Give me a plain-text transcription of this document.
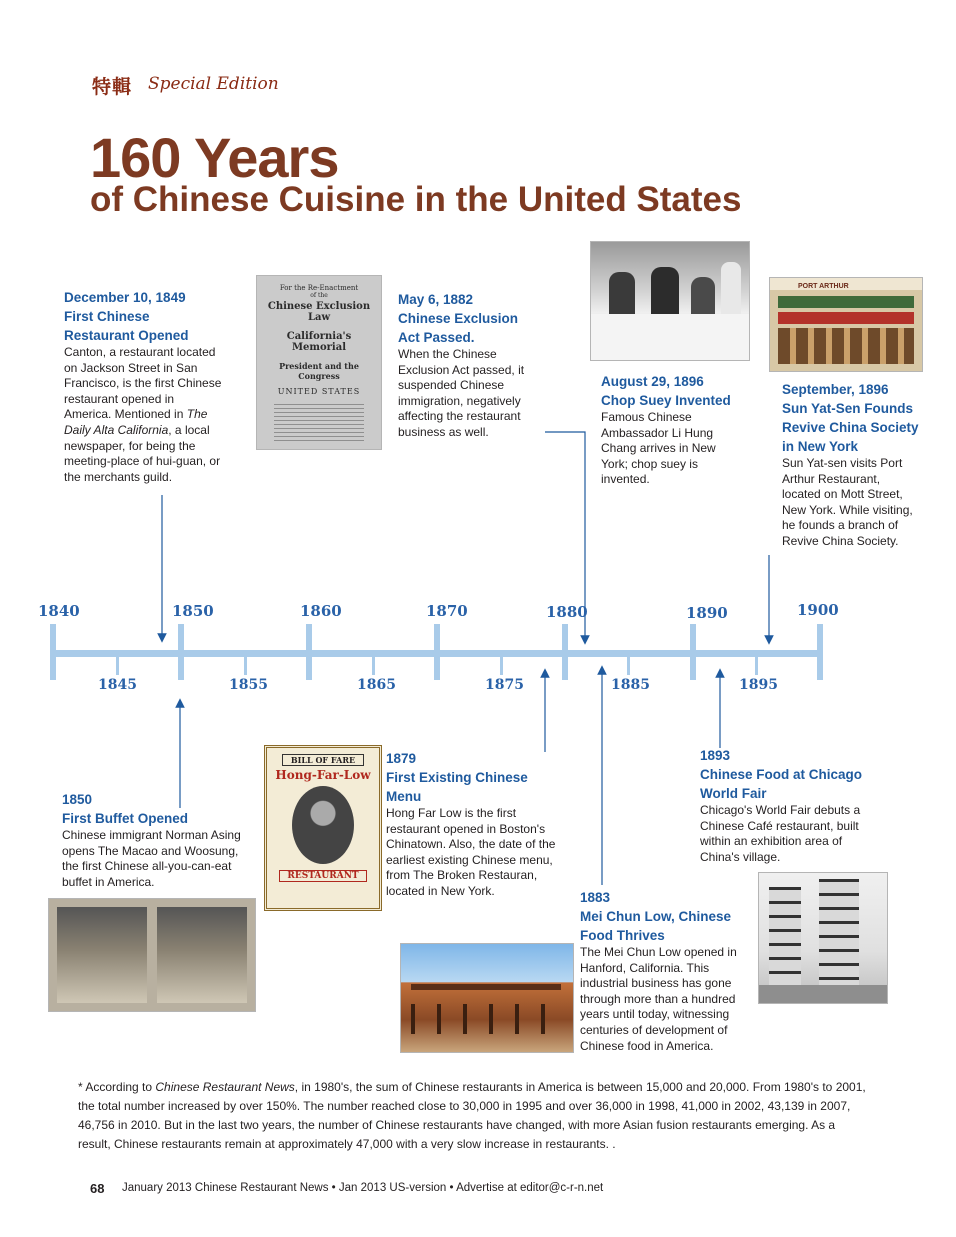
特輯 Special Edition
160 Years
of Chinese Cuisine in the United States
1840	1850	1860	1870	1880	1890	1900
1845	1855	1865	1875	1885	1895
December 10, 1849
First Chinese Restaurant Opened
Canton, a restaurant located on Jackson Street in San Francisco, is the first Chinese restaurant opened in America. Mentioned in The Daily Alta California, a local newspaper, for being the meeting-place of hui-guan, or the merchants guild.
For the Re-Enactment
of the
Chinese Exclusion Law
California's
Memorial
President and the Congress
UNITED STATES
May 6, 1882
Chinese Exclusion Act Passed.
When the Chinese Exclusion Act passed, it suspended Chinese immigration, negatively affecting the restaurant business as well.
August 29, 1896
Chop Suey Invented
Famous Chinese Ambassador Li Hung Chang arrives in New York; chop suey is invented.
PORT ARTHUR
September, 1896
Sun Yat-Sen Founds Revive China Society in New York
Sun Yat-sen visits Port Arthur Restaurant, located on Mott Street, New York. While visiting, he founds a branch of Revive China Society.
1850
First Buffet Opened
Chinese immigrant Norman Asing opens The Macao and Woosung, the first Chinese all-you-can-eat buffet in America.
BILL OF FARE
Hong-Far-Low
RESTAURANT
1879
First Existing Chinese Menu
Hong Far Low is the first restaurant opened in Boston's Chinatown. Also, the date of the earliest existing Chinese menu, from The Broken Restauran, located in New York.
1893
Chinese Food at Chicago World Fair
Chicago's World Fair debuts a Chinese Café restaurant, built within an exhibition area of China's village.
1883
Mei Chun Low, Chinese Food Thrives
The Mei Chun Low opened in Hanford, California. This industrial business has gone through more than a hundred years until today, witnessing centuries of development of Chinese food in America.
* According to Chinese Restaurant News, in 1980's, the sum of Chinese restaurants in America is between 15,000 and 20,000. From 1980's to 2001, the total number increased by over 150%. The number reached close to 30,000 in 1995 and over 36,000 in 1998, 41,000 in 2002, 43,139 in 2007, 46,756 in 2010. But in the last two years, the number of Chinese restaurants have changed, with more Asian fusion restaurants emerging. As a result, Chinese restaurants remain at approximately 47,000 with a very slow increase in restaurants. .
68 January 2013 Chinese Restaurant News • Jan 2013 US-version • Advertise at editor@c-r-n.net
